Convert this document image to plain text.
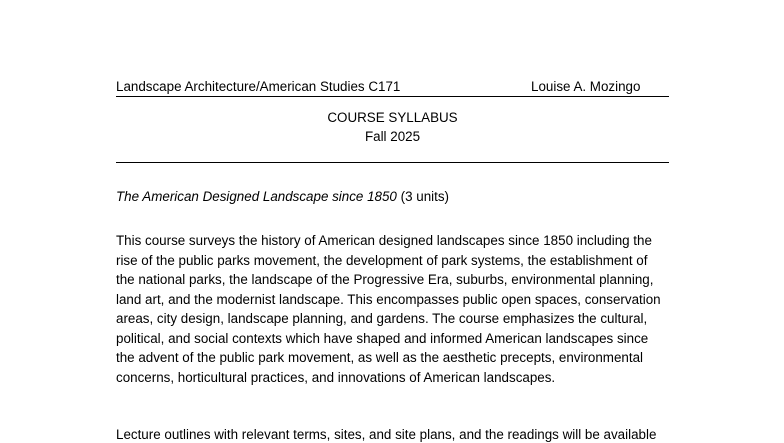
Landscape Architecture/American Studies C171	Louise A. Mozingo
COURSE SYLLABUS
Fall 2025
The American Designed Landscape since 1850 (3 units)
This course surveys the history of American designed landscapes since 1850 including the
rise of the public parks movement, the development of park systems, the establishment of
the national parks, the landscape of the Progressive Era, suburbs, environmental planning,
land art, and the modernist landscape. This encompasses public open spaces, conservation
areas, city design, landscape planning, and gardens. The course emphasizes the cultural,
political, and social contexts which have shaped and informed American landscapes since
the advent of the public park movement, as well as the aesthetic precepts, environmental
concerns, horticultural practices, and innovations of American landscapes.
Lecture outlines with relevant terms, sites, and site plans, and the readings will be available
